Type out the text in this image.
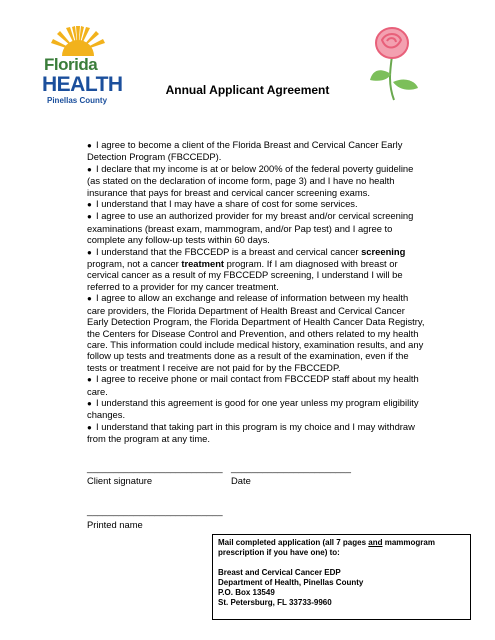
Florida
HEALTH
Pinellas County
Annual Applicant Agreement

● I agree to become a client of the Florida Breast and Cervical Cancer Early Detection Program (FBCCEDP).

● I declare that my income is at or below 200% of the federal poverty guideline (as stated on the declaration of income form, page 3) and I have no health insurance that pays for breast and cervical cancer screening exams.

● I understand that I may have a share of cost for some services.

● I agree to use an authorized provider for my breast and/or cervical screening examinations (breast exam, mammogram, and/or Pap test) and I agree to complete any follow-up tests within 60 days.

● I understand that the FBCCEDP is a breast and cervical cancer screening program, not a cancer treatment program. If I am diagnosed with breast or cervical cancer as a result of my FBCCEDP screening, I understand I will be referred to a provider for my cancer treatment.

● I agree to allow an exchange and release of information between my health care providers, the Florida Department of Health Breast and Cervical Cancer Early Detection Program, the Florida Department of Health Cancer Data Registry, the Centers for Disease Control and Prevention, and others related to my health care. This information could include medical history, examination results, and any follow up tests and treatments done as a result of the examination, even if the tests or treatment I receive are not paid for by the FBCCEDP.

● I agree to receive phone or mail contact from FBCCEDP staff about my health care.

● I understand this agreement is good for one year unless my program eligibility changes.

● I understand that taking part in this program is my choice and I may withdraw from the program at any time.

__________________________ _______________________
Client signature	Date
__________________________
Printed name

Mail completed application (all 7 pages and mammogram prescription if you have one) to:

Breast and Cervical Cancer EDP

Department of Health, Pinellas County

P.O. Box 13549

St. Petersburg, FL 33733-9960
